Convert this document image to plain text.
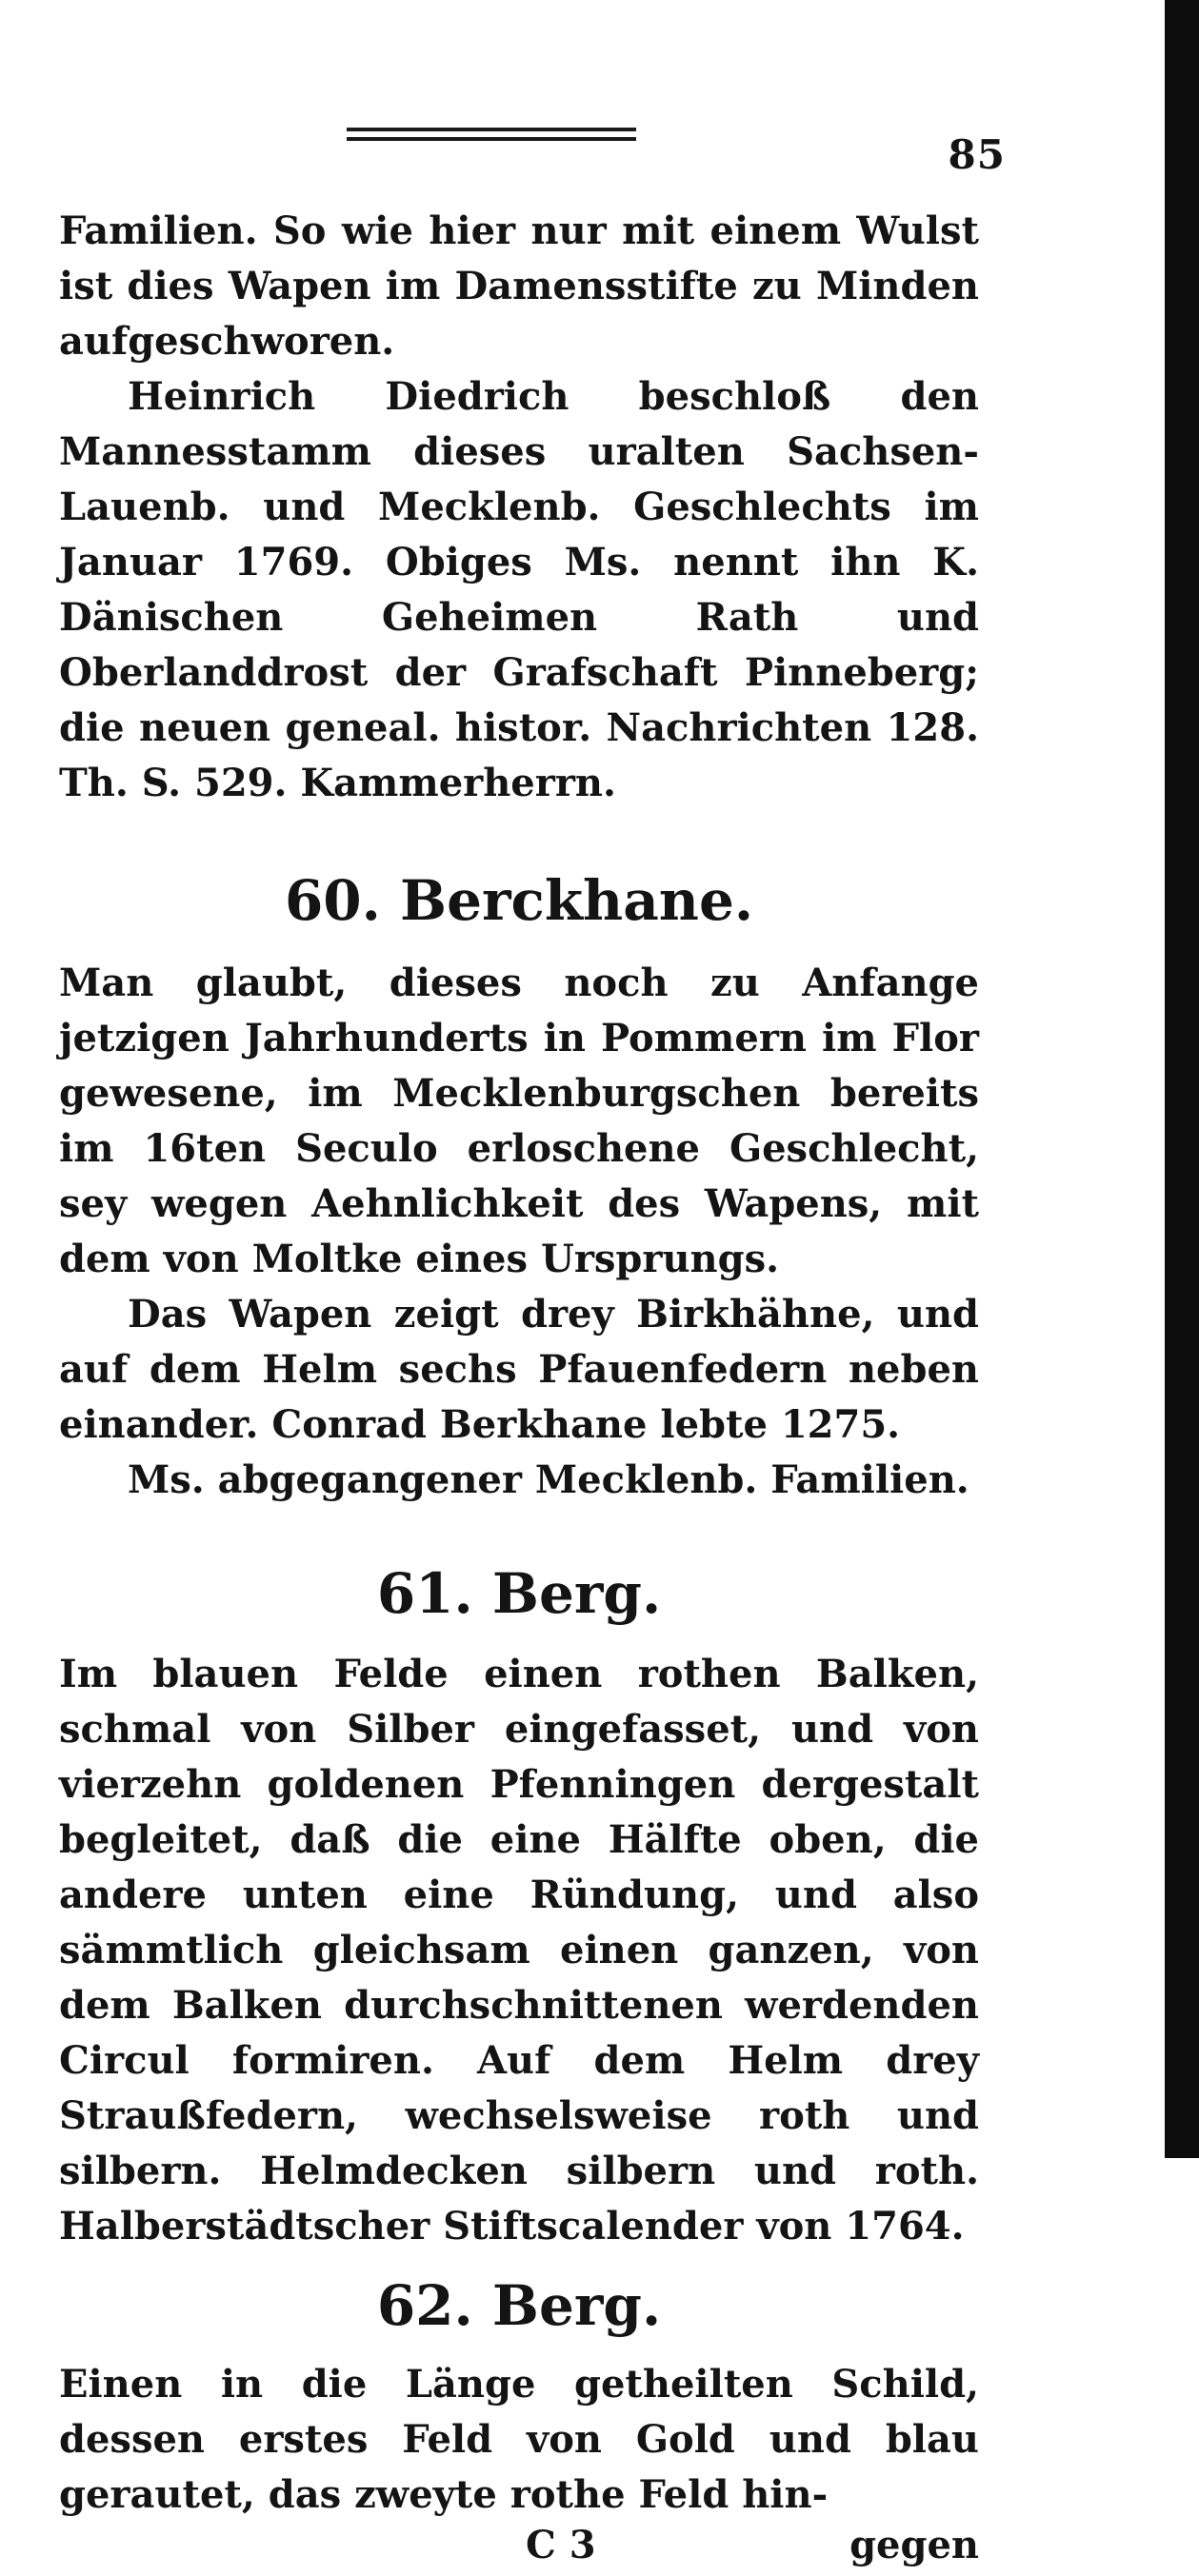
85

Familien. So wie hier nur mit einem Wulst ist dies Wapen im Damensstifte zu Minden aufgeschworen.

Heinrich Diedrich beschloß den Mannesstamm dieses uralten Sachsen-Lauenb. und Mecklenb. Geschlechts im Januar 1769. Obiges Ms. nennt ihn K. Dänischen Geheimen Rath und Oberlanddrost der Grafschaft Pinneberg; die neuen geneal. histor. Nachrichten 128. Th. S. 529. Kammerherrn.

60. Berckhane.

Man glaubt, dieses noch zu Anfange jetzigen Jahrhunderts in Pommern im Flor gewesene, im Mecklenburgschen bereits im 16ten Seculo erloschene Geschlecht, sey wegen Aehnlichkeit des Wapens, mit dem von Moltke eines Ursprungs.

Das Wapen zeigt drey Birkhähne, und auf dem Helm sechs Pfauenfedern neben einander. Conrad Berkhane lebte 1275.

Ms. abgegangener Mecklenb. Familien.

61. Berg.

Im blauen Felde einen rothen Balken, schmal von Silber eingefasset, und von vierzehn goldenen Pfenningen dergestalt begleitet, daß die eine Hälfte oben, die andere unten eine Ründung, und also sämmtlich gleichsam einen ganzen, von dem Balken durchschnittenen werdenden Circul formiren. Auf dem Helm drey Straußfedern, wechselsweise roth und silbern. Helmdecken silbern und roth. Halberstädtscher Stiftscalender von 1764.

62. Berg.

Einen in die Länge getheilten Schild, dessen erstes Feld von Gold und blau gerautet, das zweyte rothe Feld hin-

C 3	gegen
